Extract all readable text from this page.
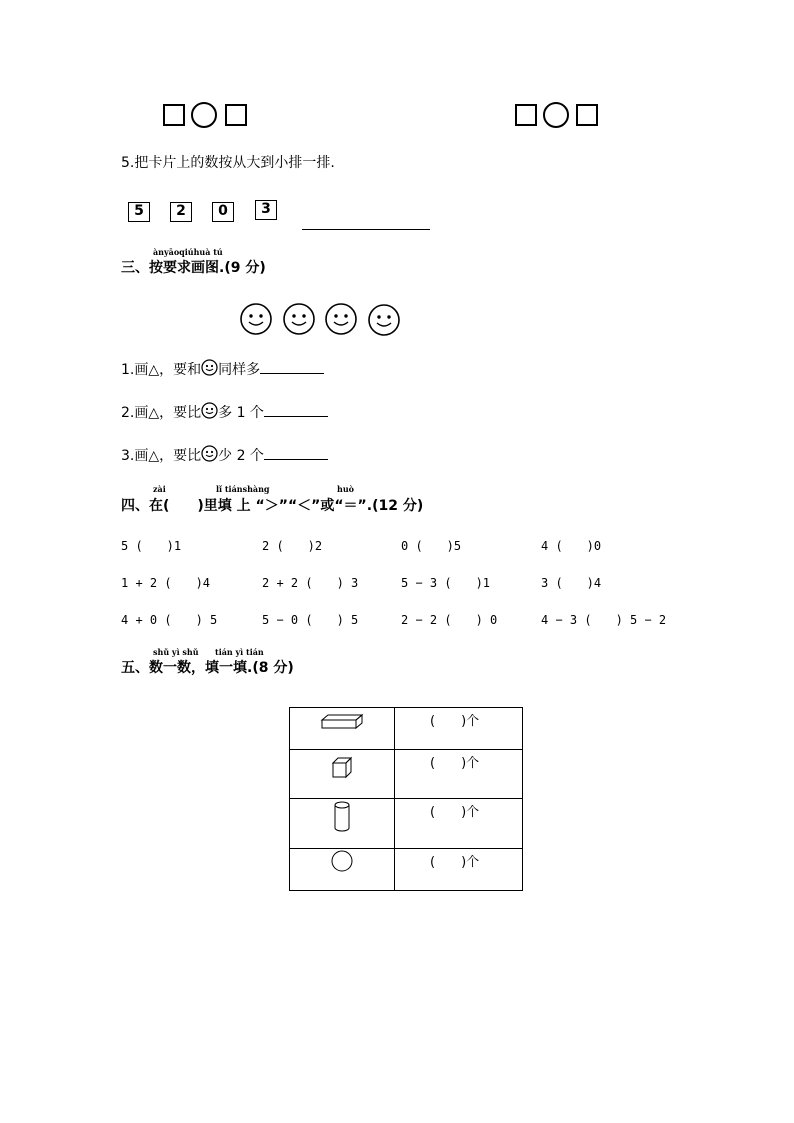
5.把卡片上的数按从大到小排一排.
5	2	0	3
ànyāoqiúhuà tú
三、按要求画图.(9 分)
1.画△，要和 同样多
2.画△，要比 多 1 个
3.画△，要比 少 2 个
zài	lǐ tiánshàng	huò
四、在(　　)里填 上 “＞”“＜”或“＝”.(12 分)
5 (　　)1	2 (　　)2	0 (　　)5	4 (　　)0
1 + 2 (　　)4	2 + 2 (　　) 3	5 − 3 (　　)1	3 (　　)4
4 + 0 (　　) 5	5 − 0 (　　) 5	2 − 2 (　　) 0	4 − 3 (　　) 5 − 2
shǔ yì shǔ tián yì tián
五、数一数，填一填.(8 分)

(　　)个

(　　)个

(　　)个

(　　)个
